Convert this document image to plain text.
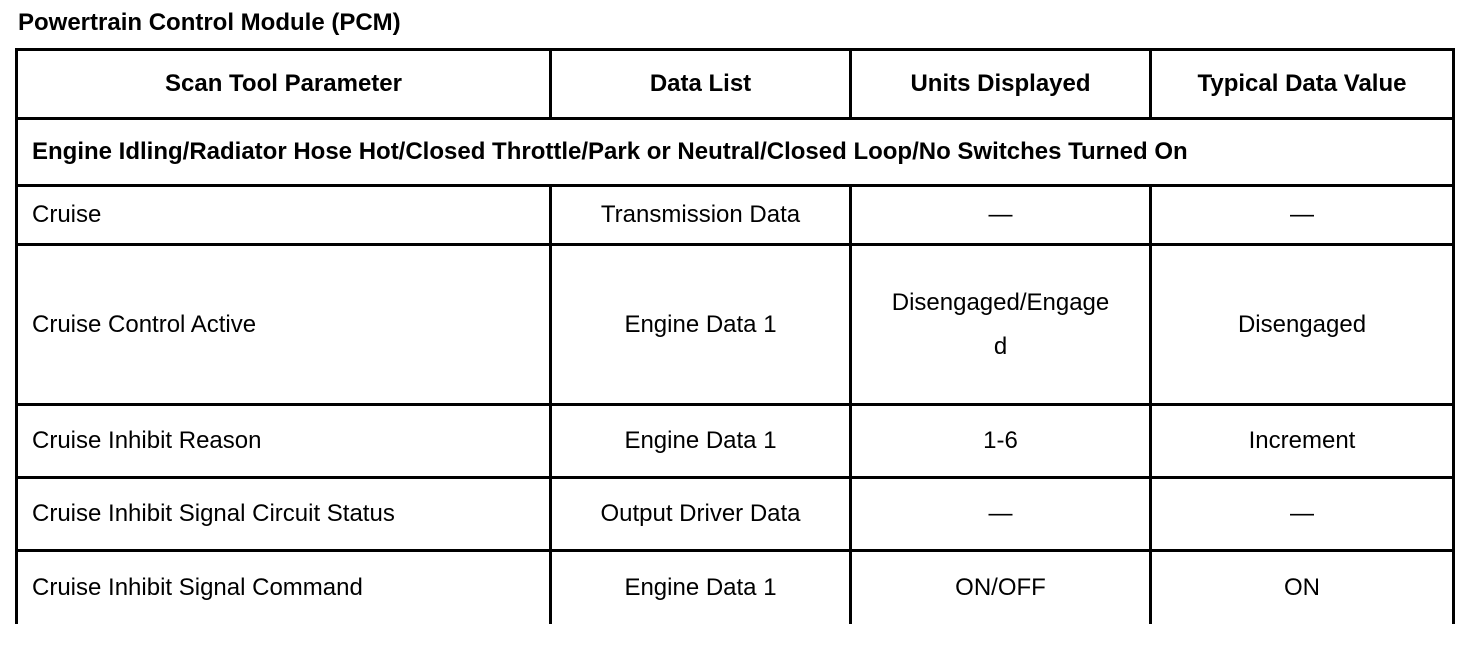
Powertrain Control Module (PCM)
Scan Tool Parameter	Data List	Units Displayed	Typical Data Value
Engine Idling/Radiator Hose Hot/Closed Throttle/Park or Neutral/Closed Loop/No Switches Turned On			
Cruise	Transmission Data	—	—
Cruise Control Active	Engine Data 1	Disengaged/Engaged	Disengaged
Cruise Inhibit Reason	Engine Data 1	1-6	Increment
Cruise Inhibit Signal Circuit Status	Output Driver Data	—	—
Cruise Inhibit Signal Command	Engine Data 1	ON/OFF	ON
